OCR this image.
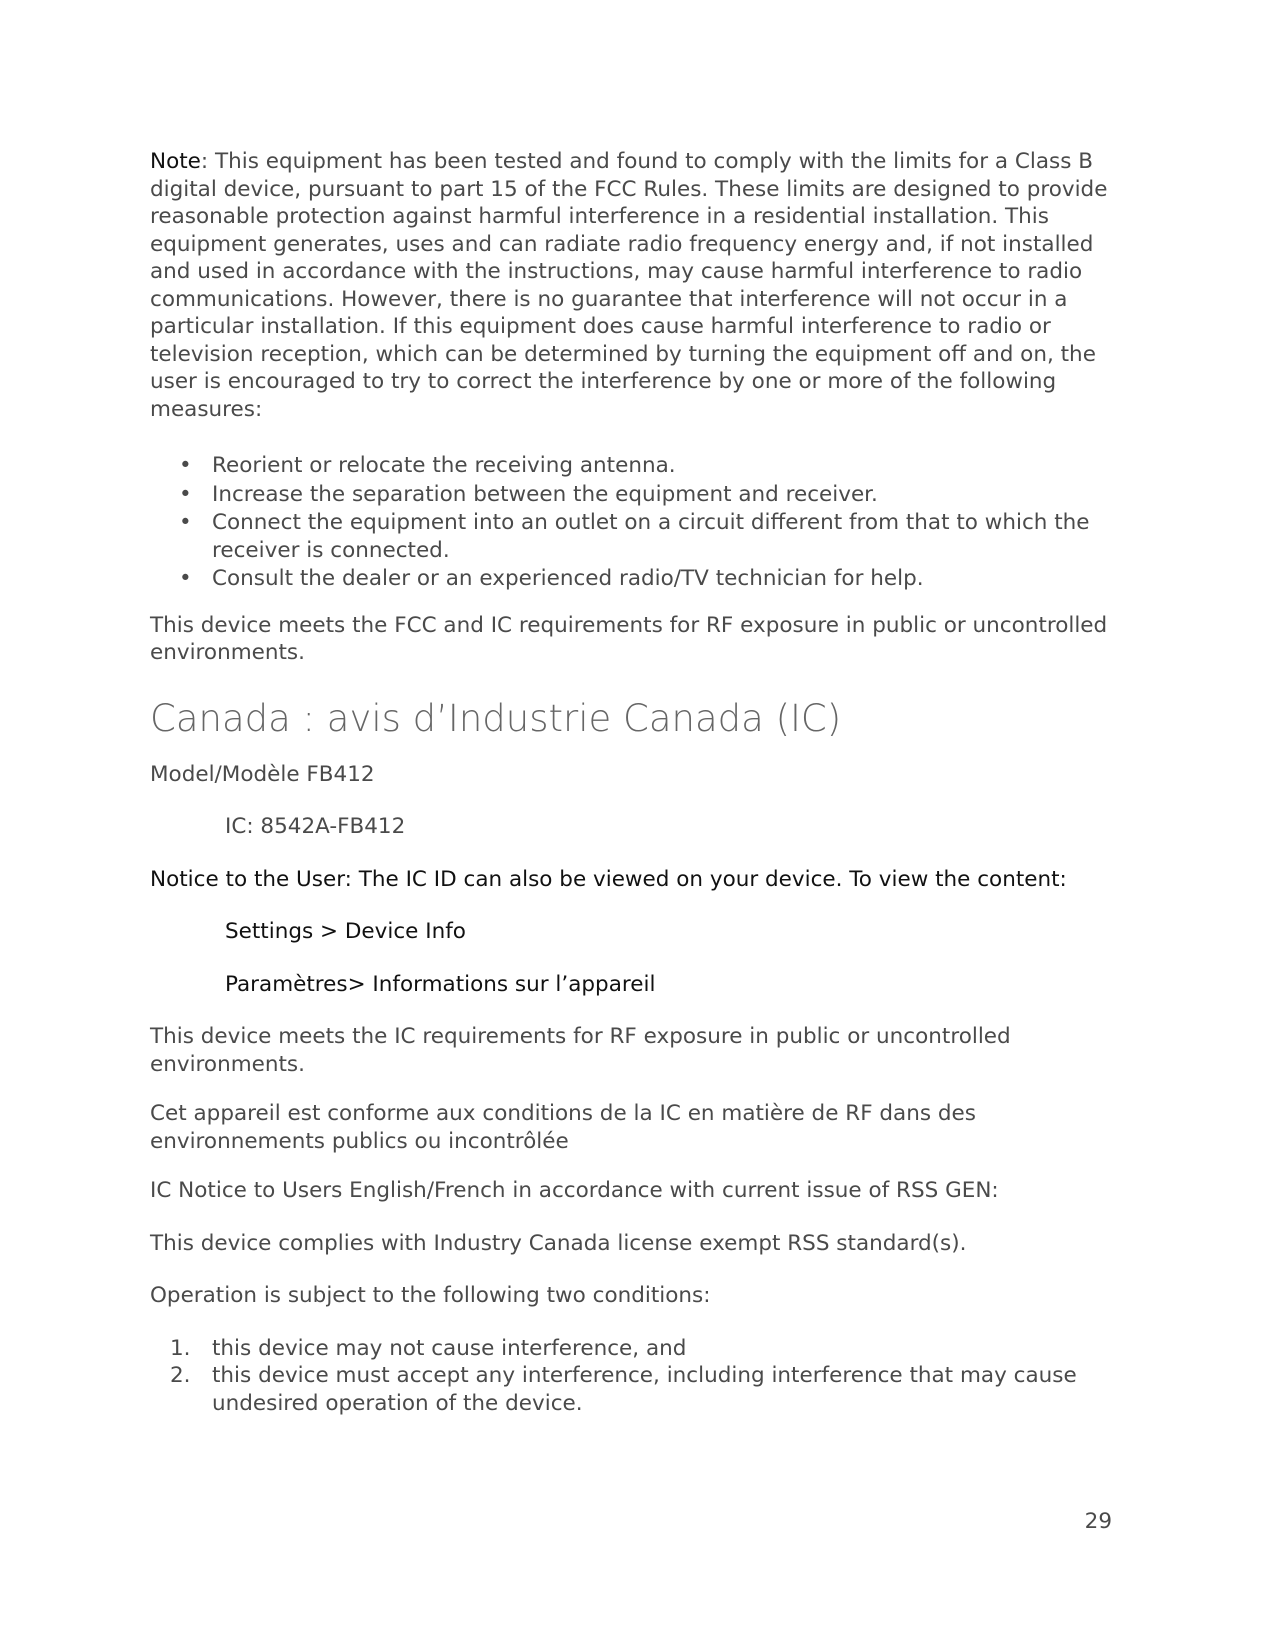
Note: This equipment has been tested and found to comply with the limits for a Class B digital device, pursuant to part 15 of the FCC Rules. These limits are designed to provide reasonable protection against harmful interference in a residential installation. This equipment generates, uses and can radiate radio frequency energy and, if not installed and used in accordance with the instructions, may cause harmful interference to radio communications. However, there is no guarantee that interference will not occur in a particular installation. If this equipment does cause harmful interference to radio or television reception, which can be determined by turning the equipment off and on, the user is encouraged to try to correct the interference by one or more of the following measures:

• Reorient or relocate the receiving antenna.
• Increase the separation between the equipment and receiver.
• Connect the equipment into an outlet on a circuit different from that to which the receiver is connected.
• Consult the dealer or an experienced radio/TV technician for help.

This device meets the FCC and IC requirements for RF exposure in public or uncontrolled environments.

Canada : avis d’Industrie Canada (IC)

Model/Modèle FB412

IC: 8542A-FB412

Notice to the User: The IC ID can also be viewed on your device. To view the content:

Settings > Device Info

Paramètres> Informations sur l’appareil

This device meets the IC requirements for RF exposure in public or uncontrolled environments.

Cet appareil est conforme aux conditions de la IC en matière de RF dans des environnements publics ou incontrôlée

IC Notice to Users English/French in accordance with current issue of RSS GEN:

This device complies with Industry Canada license exempt RSS standard(s).

Operation is subject to the following two conditions:

1. this device may not cause interference, and
2. this device must accept any interference, including interference that may cause undesired operation of the device.
29
